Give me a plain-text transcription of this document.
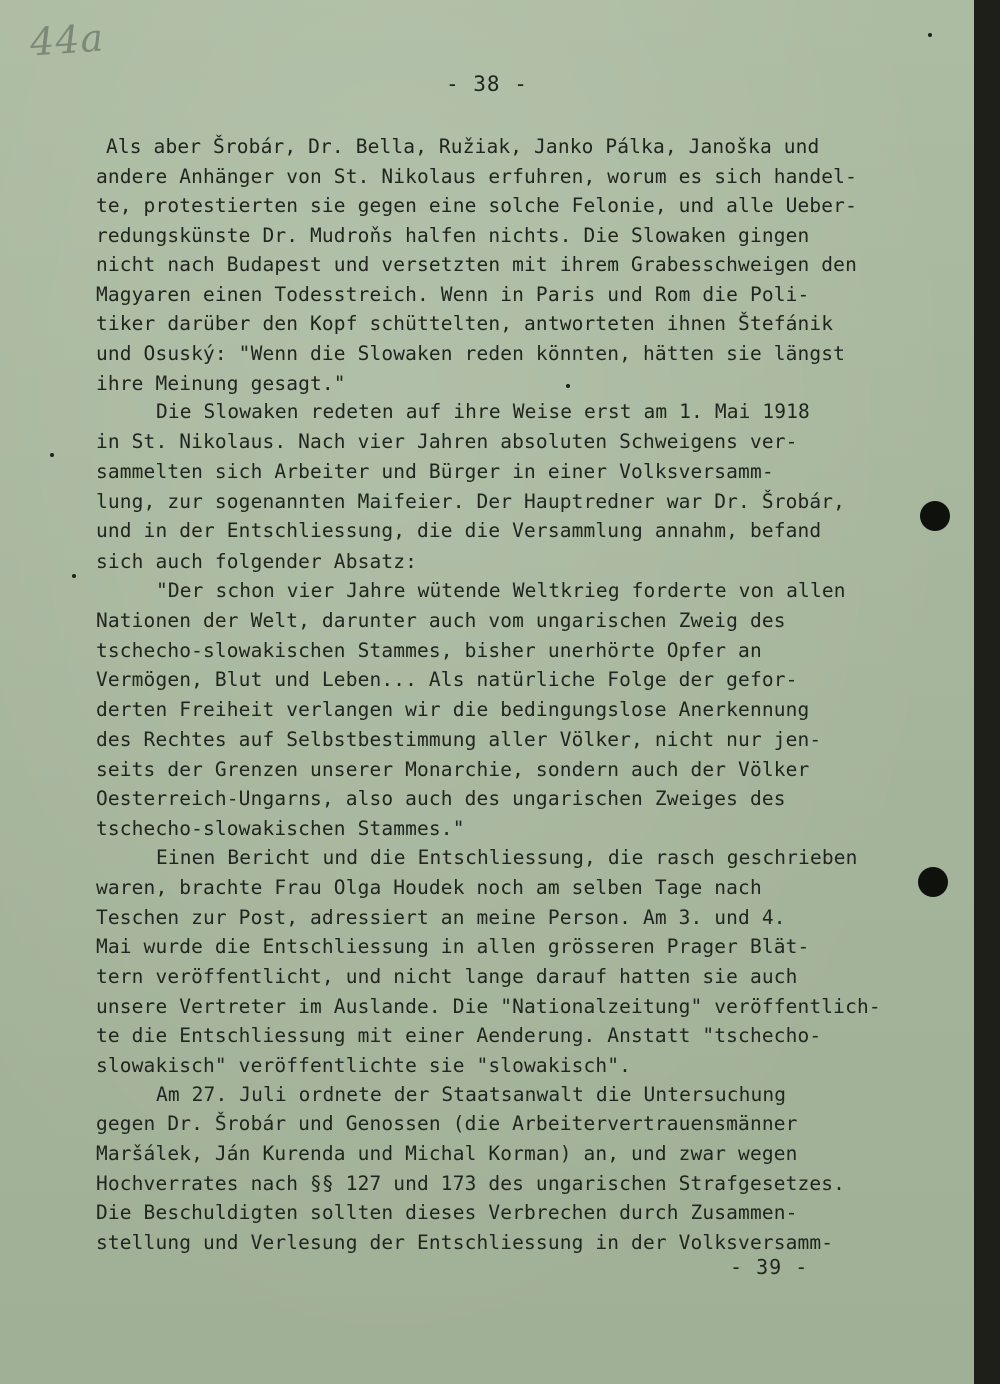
44a
- 38 -
Als aber Šrobár, Dr. Bella, Ružiak, Janko Pálka, Janoška und
andere Anhänger von St. Nikolaus erfuhren, worum es sich handel-
te, protestierten sie gegen eine solche Felonie, und alle Ueber-
redungskünste Dr. Mudroňs halfen nichts. Die Slowaken gingen
nicht nach Budapest und versetzten mit ihrem Grabesschweigen den
Magyaren einen Todesstreich. Wenn in Paris und Rom die Poli-
tiker darüber den Kopf schüttelten, antworteten ihnen Štefánik
und Osuský: "Wenn die Slowaken reden könnten, hätten sie längst
ihre Meinung gesagt."
Die Slowaken redeten auf ihre Weise erst am 1. Mai 1918
in St. Nikolaus. Nach vier Jahren absoluten Schweigens ver-
sammelten sich Arbeiter und Bürger in einer Volksversamm-
lung, zur sogenannten Maifeier. Der Hauptredner war Dr. Šrobár,
und in der Entschliessung, die die Versammlung annahm, befand
sich auch folgender Absatz:
"Der schon vier Jahre wütende Weltkrieg forderte von allen
Nationen der Welt, darunter auch vom ungarischen Zweig des
tschecho-slowakischen Stammes, bisher unerhörte Opfer an
Vermögen, Blut und Leben... Als natürliche Folge der gefor-
derten Freiheit verlangen wir die bedingungslose Anerkennung
des Rechtes auf Selbstbestimmung aller Völker, nicht nur jen-
seits der Grenzen unserer Monarchie, sondern auch der Völker
Oesterreich-Ungarns, also auch des ungarischen Zweiges des
tschecho-slowakischen Stammes."
Einen Bericht und die Entschliessung, die rasch geschrieben
waren, brachte Frau Olga Houdek noch am selben Tage nach
Teschen zur Post, adressiert an meine Person. Am 3. und 4.
Mai wurde die Entschliessung in allen grösseren Prager Blät-
tern veröffentlicht, und nicht lange darauf hatten sie auch
unsere Vertreter im Auslande. Die "Nationalzeitung" veröffentlich-
te die Entschliessung mit einer Aenderung. Anstatt "tschecho-
slowakisch" veröffentlichte sie "slowakisch".
Am 27. Juli ordnete der Staatsanwalt die Untersuchung
gegen Dr. Šrobár und Genossen (die Arbeitervertrauensmänner
Maršálek, Ján Kurenda und Michal Korman) an, und zwar wegen
Hochverrates nach §§ 127 und 173 des ungarischen Strafgesetzes.
Die Beschuldigten sollten dieses Verbrechen durch Zusammen-
stellung und Verlesung der Entschliessung in der Volksversamm-
- 39 -
